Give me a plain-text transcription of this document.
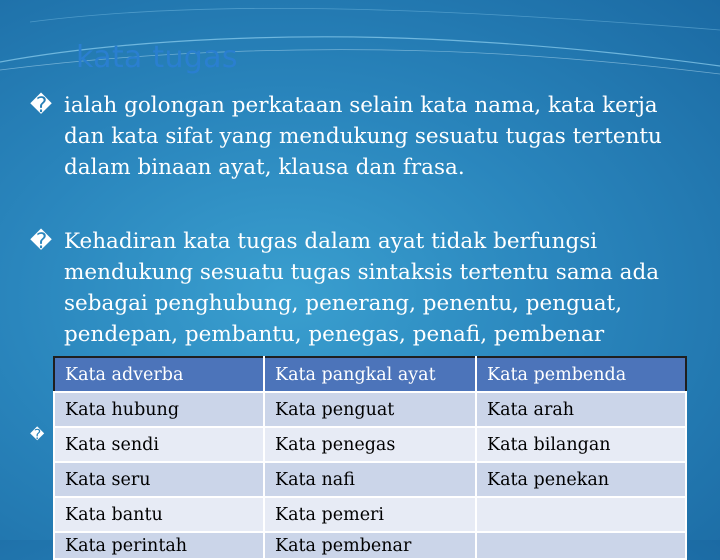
kata tugas
� ialah golongan perkataan selain kata nama, kata kerja
dan kata sifat yang mendukung sesuatu tugas tertentu
dalam binaan ayat, klausa dan frasa.
� Kehadiran kata tugas dalam ayat tidak berfungsi
mendukung sesuatu tugas sintaksis tertentu sama ada
sebagai penghubung, penerang, penentu, penguat,
pendepan, pembantu, penegas, penafi, pembenar
�
Kata adverba	Kata pangkal ayat	Kata pembenda
Kata hubung	Kata penguat	Kata arah
Kata sendi	Kata penegas	Kata bilangan
Kata seru	Kata nafi	Kata penekan
Kata bantu	Kata pemeri	
Kata perintah	Kata pembenar	
